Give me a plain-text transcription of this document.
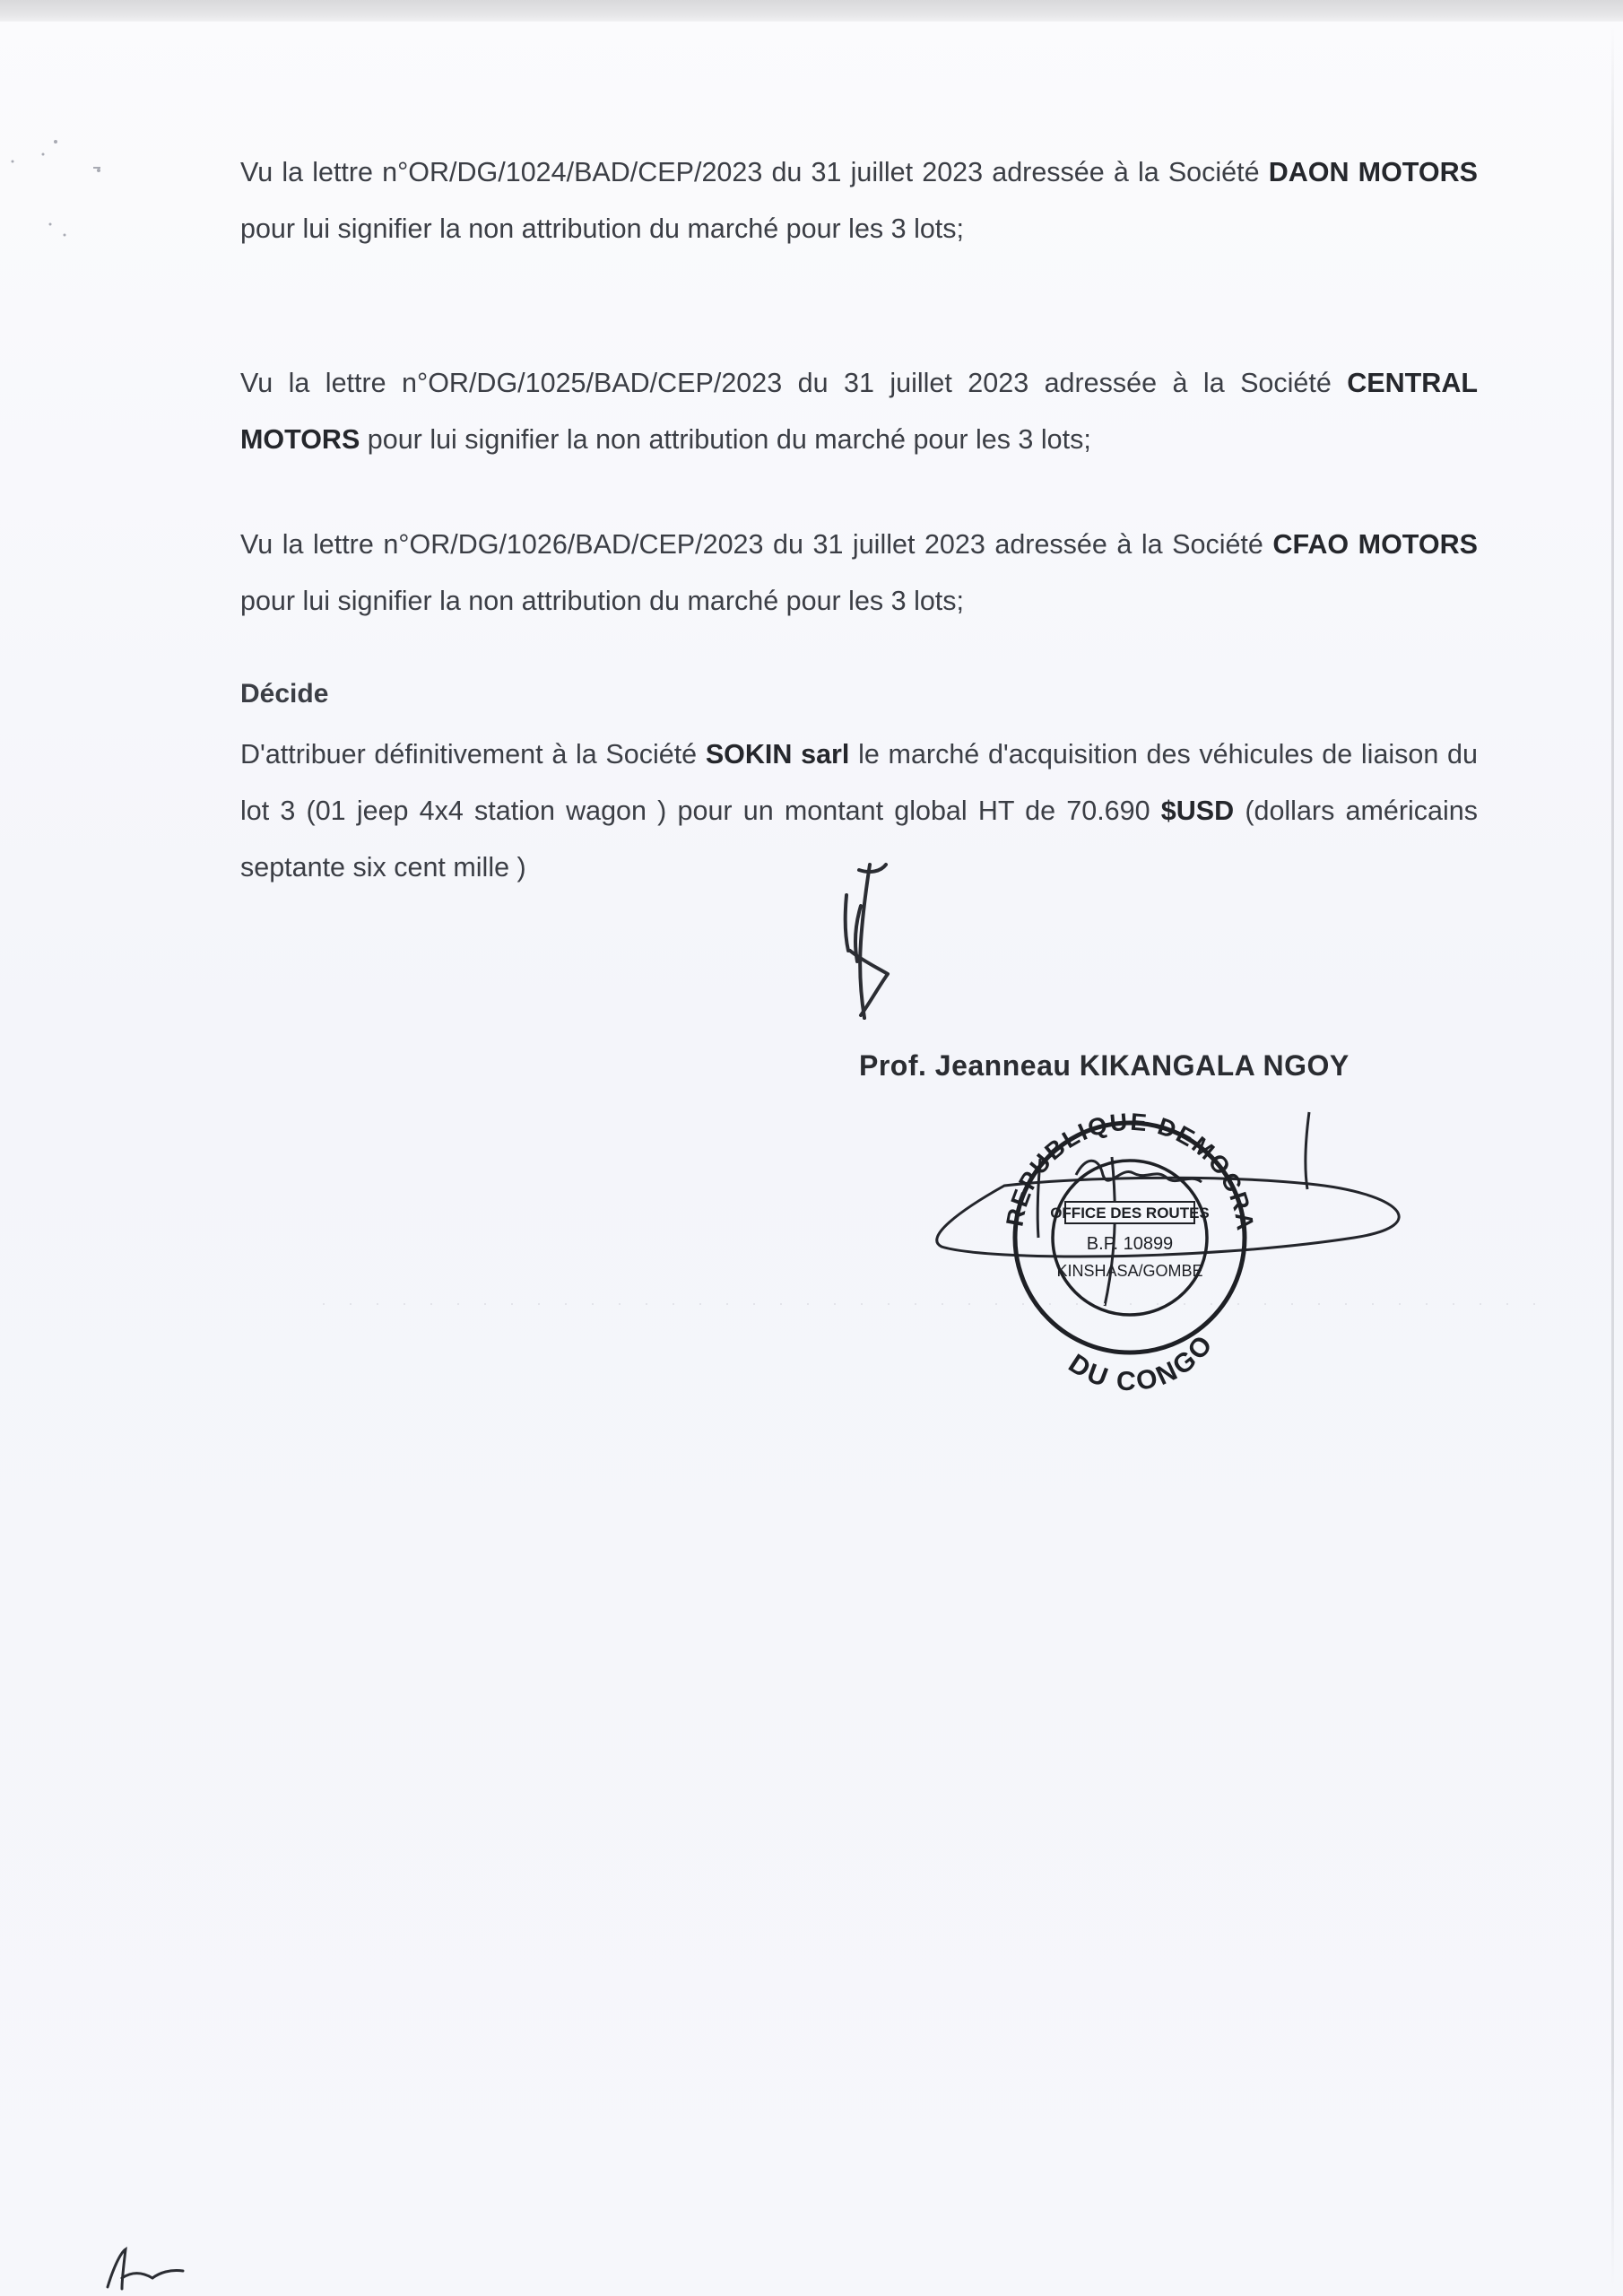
Vu la lettre n°OR/DG/1024/BAD/CEP/2023 du 31 juillet 2023 adressée à la Société DAON MOTORS pour lui signifier la non attribution du marché pour les 3 lots;
Vu la lettre n°OR/DG/1025/BAD/CEP/2023 du 31 juillet 2023 adressée à la Société CENTRAL MOTORS pour lui signifier la non attribution du marché pour les 3 lots;
Vu la lettre n°OR/DG/1026/BAD/CEP/2023 du 31 juillet 2023 adressée à la Société CFAO MOTORS pour lui signifier la non attribution du marché pour les 3 lots;
Décide
D'attribuer définitivement à la Société SOKIN sarl le marché d'acquisition des véhicules de liaison du lot 3 (01 jeep 4x4 station wagon ) pour un montant global HT de 70.690 $USD (dollars américains septante six cent mille )
Prof. Jeanneau KIKANGALA NGOY
REPUBLIQUE DEMOCRATIQUE
DU CONGO
OFFICE DES ROUTES
B.P. 10899
KINSHASA/GOMBE
